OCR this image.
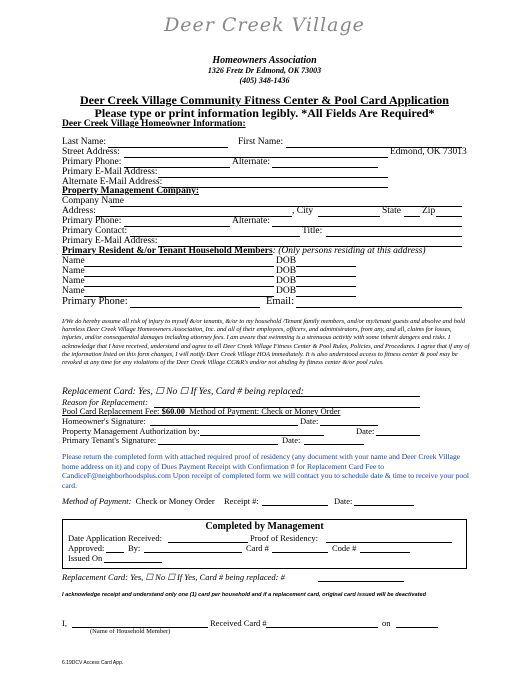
Deer Creek Village
Homeowners Association
1326 Fretz Dr Edmond, OK 73003
(405) 348-1436
Deer Creek Village Community Fitness Center & Pool Card Application
Please type or print information legibly. *All Fields Are Required*
Deer Creek Village Homeowner Information:
Last Name:	First Name:
Street Address:	Edmond, OK 73013
Primary Phone:	Alternate:
Primary E-Mail Address:
Alternate E-Mail Address:
Property Management Company:
Company Name
Address:	, City	State Zip
Primary Phone:	Alternate:
Primary Contact:	Title:
Primary E-Mail Address:
Primary Resident &/or Tenant Household Members: (Only persons residing at this address)
Name	DOB
Name	DOB
Name	DOB
Name	DOB
Primary Phone:	Email:
I/We do hereby assume all risk of injury to myself &/or tenants, &/or to my household /Tenant family members, and/or my/tenant guests and absolve and hold harmless Deer Creek Village Homeowners Association, Inc. and all of their employees, officers, and administrators, from any, and all, claims for losses, injuries, and/or consequential damages including attorney fees. I am aware that swimming is a strenuous activity with some inherit dangers and risks. I acknowledge that I have received, understand and agree to all Deer Creek Village Fitness Center & Pool Rules, Policies, and Procedures. I agree that if any of the information listed on this form changes, I will notify Deer Creek Village HOA immediately. It is also understood access to fitness center & pool may be revoked at any time for any violations of the Deer Creek Village CC&R's and/or not abiding by fitness center &/or pool rules.
Replacement Card: Yes, ☐ No ☐ If Yes, Card # being replaced:
Reason for Replacement:
Pool Card Replacement Fee: $60.00 Method of Payment: Check or Money Order
Homeowner's Signature:	Date:
Property Management Authorization by:	Date:
Primary Tenant's Signature:	Date:
Please return the completed form with attached required proof of residency (any document with your name and Deer Creek Village home address on it) and copy of Dues Payment Receipt with Confirmation # for Replacement Card Fee to CandiceF@neighborhoodsplus.com Upon receipt of completed form we will contact you to schedule date & time to receive your pool card.
Method of Payment: Check or Money Order Receipt #:	Date:
Completed by Management
Date Application Received:	Proof of Residency:
Approved:	By:	Card #	Code #
Issued On
Replacement Card: Yes, ☐ No ☐ If Yes, Card # being replaced: #
I acknowledge receipt and understand only one (1) card per household and if a replacement card, original card issued will be deactivated
I,	Received Card #	on
(Name of Household Member)
6.19DCV Access Card App.
